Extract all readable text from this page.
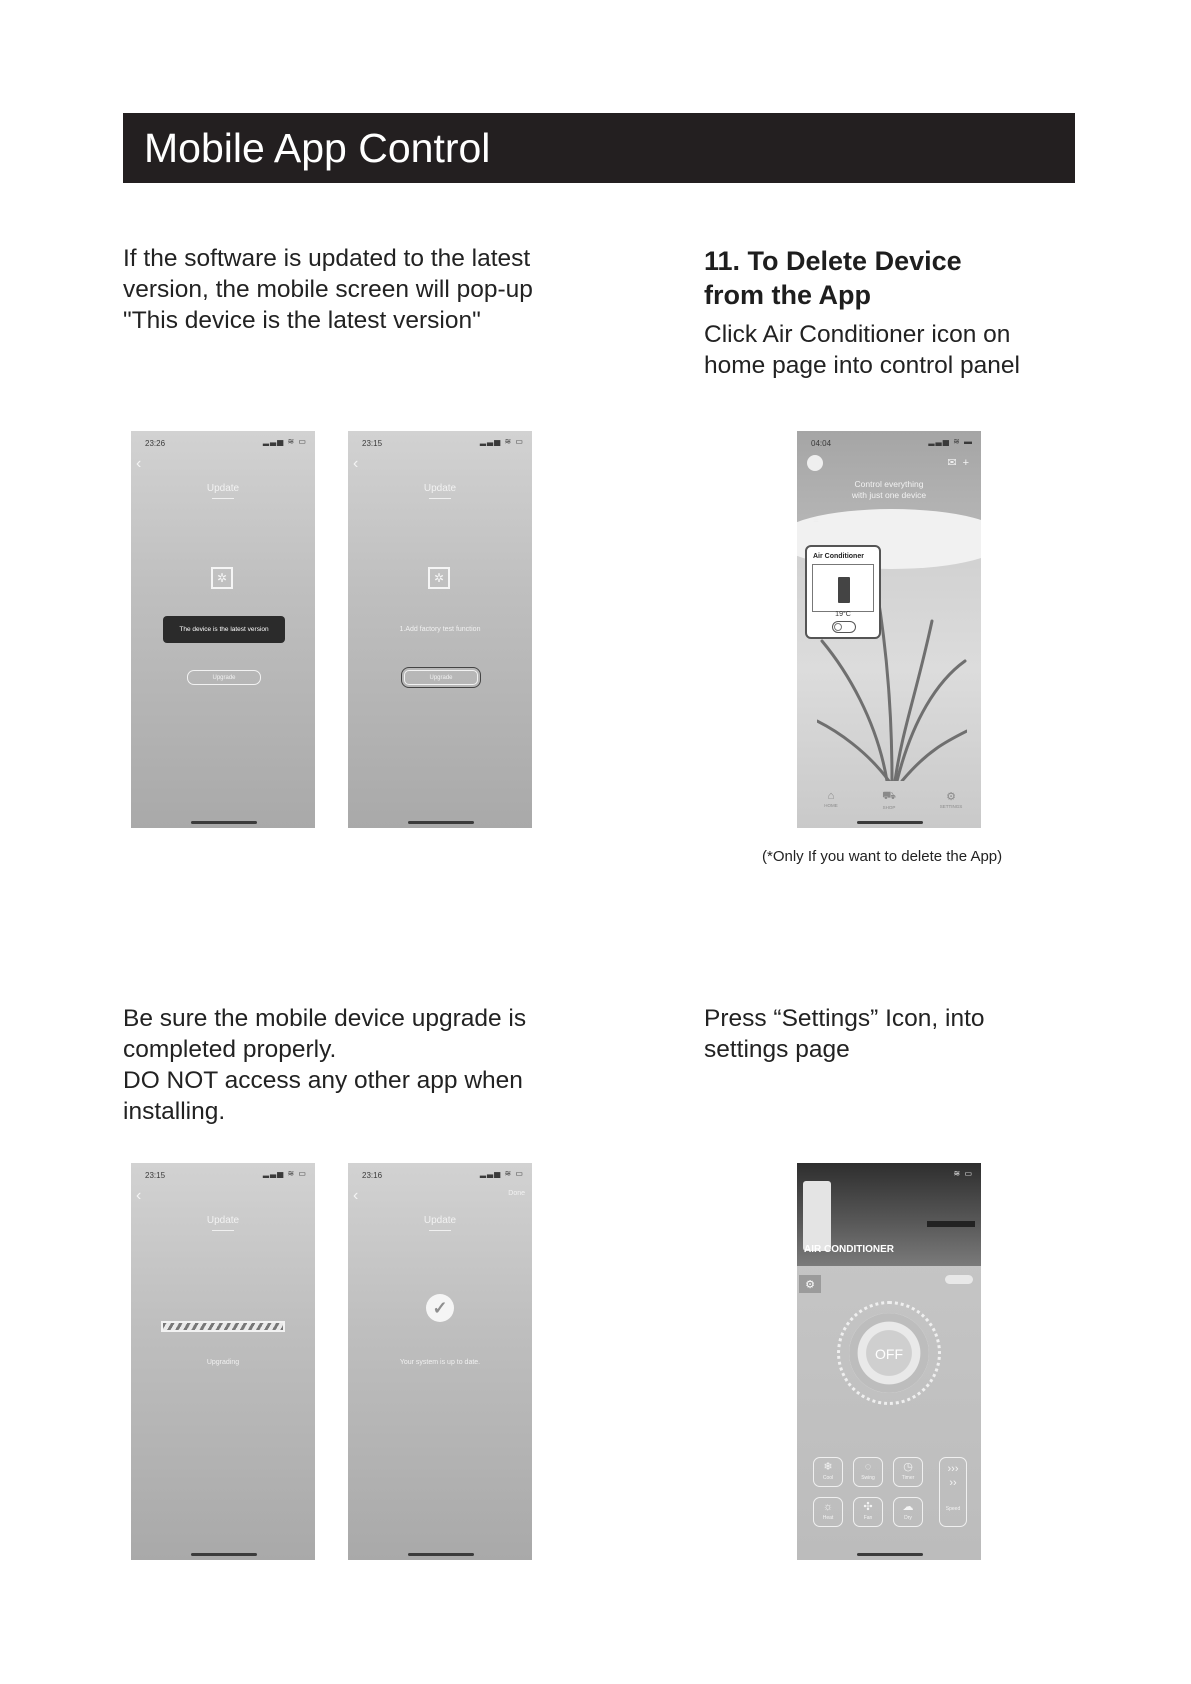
Mobile App Control
If the software is updated to the latest
version, the mobile screen will pop-up
"This device is the latest version"
11. To Delete Device
from the App
Click Air Conditioner icon on
home page into control panel
23:26	▂▃▅ ≋ ▭
‹
Update
✲
The device is the latest version
Upgrade
23:15	▂▃▅ ≋ ▭
‹
Update
✲
1.Add factory test function
Upgrade
04:04	▂▃▅ ≋ ▬
✉+
Control everything
with just one device
≡
Air Conditioner
19°C
⌂
HOME
⛟
SHOP
⚙
SETTINGS
(*Only If you want to delete the App)
Be sure the mobile device upgrade is
completed properly.
DO NOT access any other app when
installing.
Press “Settings” Icon, into
settings page
23:15	▂▃▅ ≋ ▭
‹
Update
Upgrading
23:16	▂▃▅ ≋ ▭
‹	Done
Update
✓
Your system is up to date.
AIR CONDITIONER
≋ ▭
⚙
OFF
❄
Cool
◌
Swing
◷
Timer
☼
Heat
✣
Fan
☁
Dry
›››
››
Speed
